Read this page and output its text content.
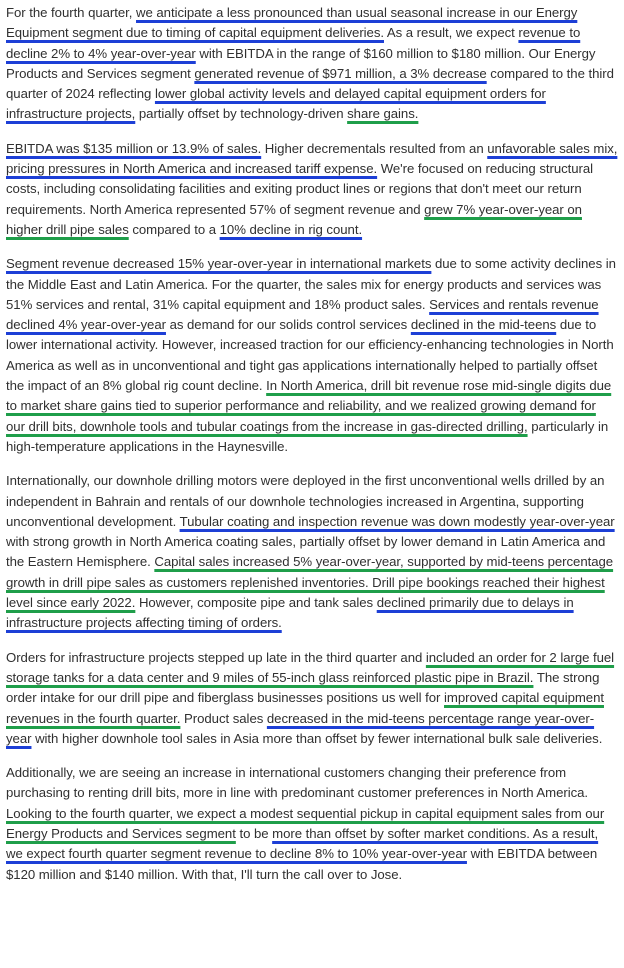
For the fourth quarter, we anticipate a less pronounced than usual seasonal increase in our Energy Equipment segment due to timing of capital equipment deliveries. As a result, we expect revenue to decline 2% to 4% year-over-year with EBITDA in the range of $160 million to $180 million. Our Energy Products and Services segment generated revenue of $971 million, a 3% decrease compared to the third quarter of 2024 reflecting lower global activity levels and delayed capital equipment orders for infrastructure projects, partially offset by technology-driven share gains.

EBITDA was $135 million or 13.9% of sales. Higher decrementals resulted from an unfavorable sales mix, pricing pressures in North America and increased tariff expense. We're focused on reducing structural costs, including consolidating facilities and exiting product lines or regions that don't meet our return requirements. North America represented 57% of segment revenue and grew 7% year-over-year on higher drill pipe sales compared to a 10% decline in rig count.

Segment revenue decreased 15% year-over-year in international markets due to some activity declines in the Middle East and Latin America. For the quarter, the sales mix for energy products and services was 51% services and rental, 31% capital equipment and 18% product sales. Services and rentals revenue declined 4% year-over-year as demand for our solids control services declined in the mid-teens due to lower international activity. However, increased traction for our efficiency-enhancing technologies in North America as well as in unconventional and tight gas applications internationally helped to partially offset the impact of an 8% global rig count decline. In North America, drill bit revenue rose mid-single digits due to market share gains tied to superior performance and reliability, and we realized growing demand for our drill bits, downhole tools and tubular coatings from the increase in gas-directed drilling, particularly in high-temperature applications in the Haynesville.

Internationally, our downhole drilling motors were deployed in the first unconventional wells drilled by an independent in Bahrain and rentals of our downhole technologies increased in Argentina, supporting unconventional development. Tubular coating and inspection revenue was down modestly year-over-year with strong growth in North America coating sales, partially offset by lower demand in Latin America and the Eastern Hemisphere. Capital sales increased 5% year-over-year, supported by mid-teens percentage growth in drill pipe sales as customers replenished inventories. Drill pipe bookings reached their highest level since early 2022. However, composite pipe and tank sales declined primarily due to delays in infrastructure projects affecting timing of orders.

Orders for infrastructure projects stepped up late in the third quarter and included an order for 2 large fuel storage tanks for a data center and 9 miles of 55-inch glass reinforced plastic pipe in Brazil. The strong order intake for our drill pipe and fiberglass businesses positions us well for improved capital equipment revenues in the fourth quarter. Product sales decreased in the mid-teens percentage range year-over-year with higher downhole tool sales in Asia more than offset by fewer international bulk sale deliveries.

Additionally, we are seeing an increase in international customers changing their preference from purchasing to renting drill bits, more in line with predominant customer preferences in North America. Looking to the fourth quarter, we expect a modest sequential pickup in capital equipment sales from our Energy Products and Services segment to be more than offset by softer market conditions. As a result, we expect fourth quarter segment revenue to decline 8% to 10% year-over-year with EBITDA between $120 million and $140 million. With that, I'll turn the call over to Jose.
